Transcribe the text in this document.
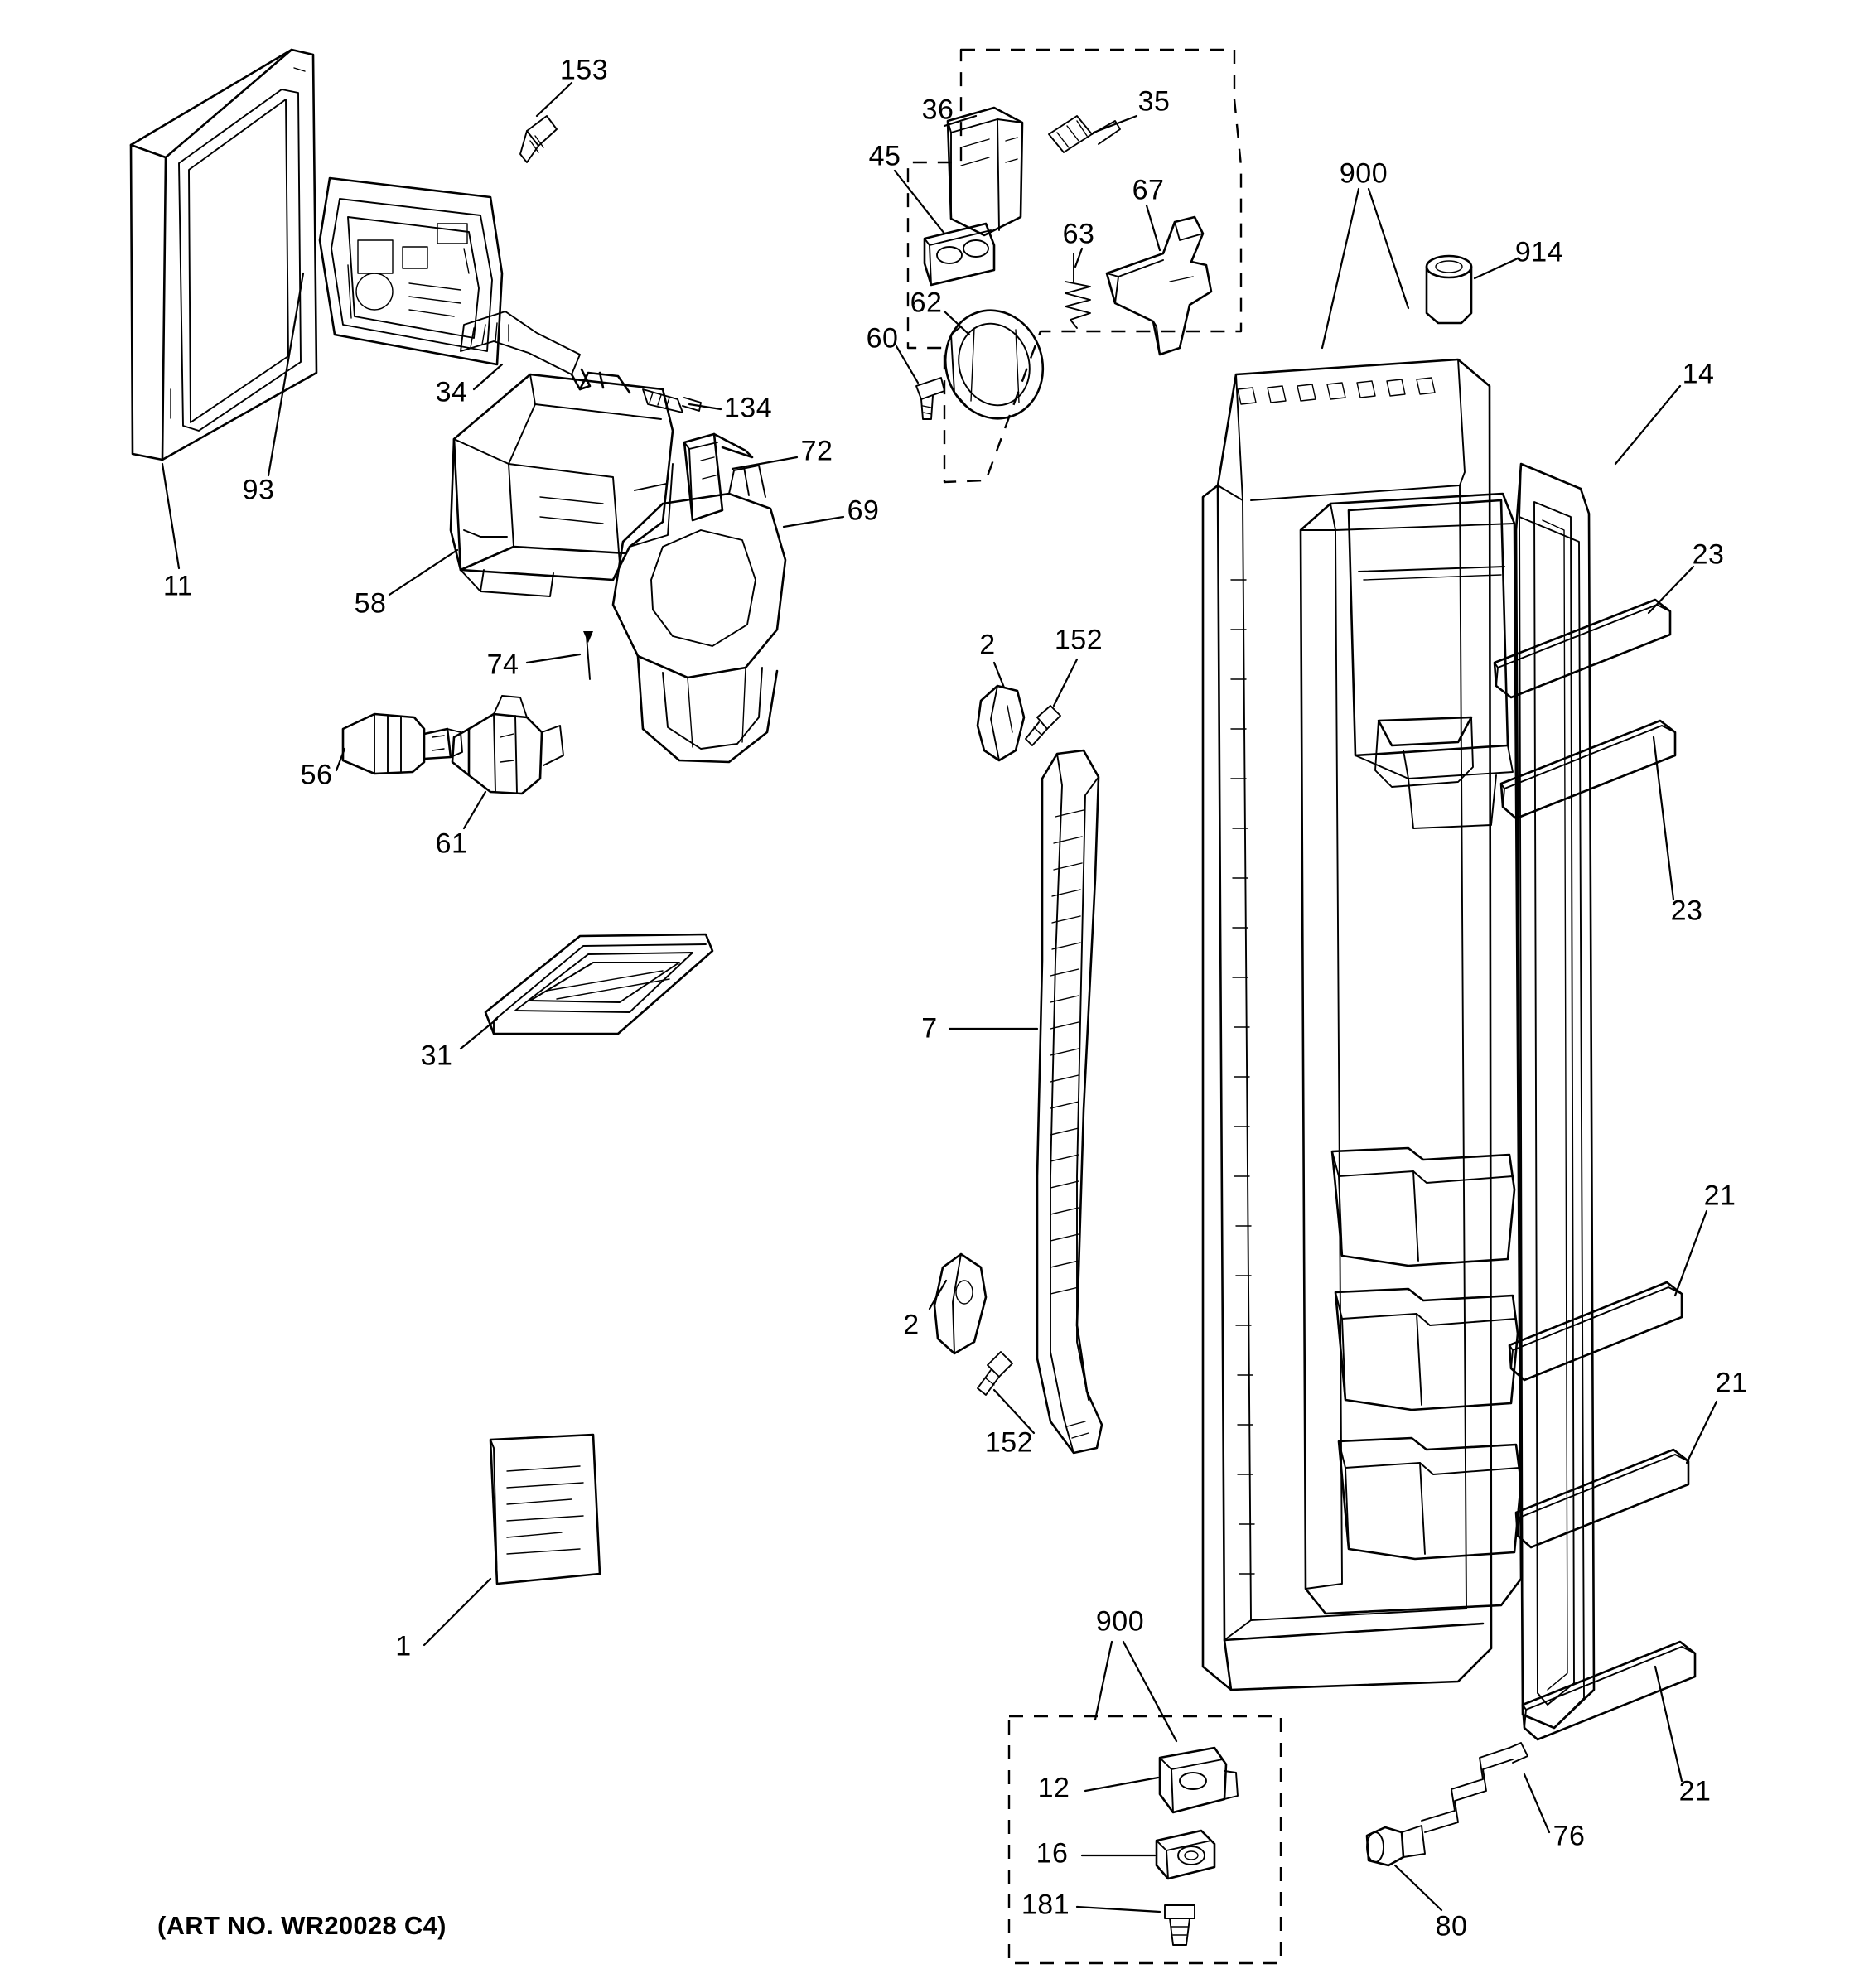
153
36	35
45
900
67
63
914
62
60
14
34	134
93
72
23
11
69
58
74
23
2 152
56
61
7
31
21
21
2
152
900
1
21
12
76
16
181
80
(ART NO. WR20028 C4)
